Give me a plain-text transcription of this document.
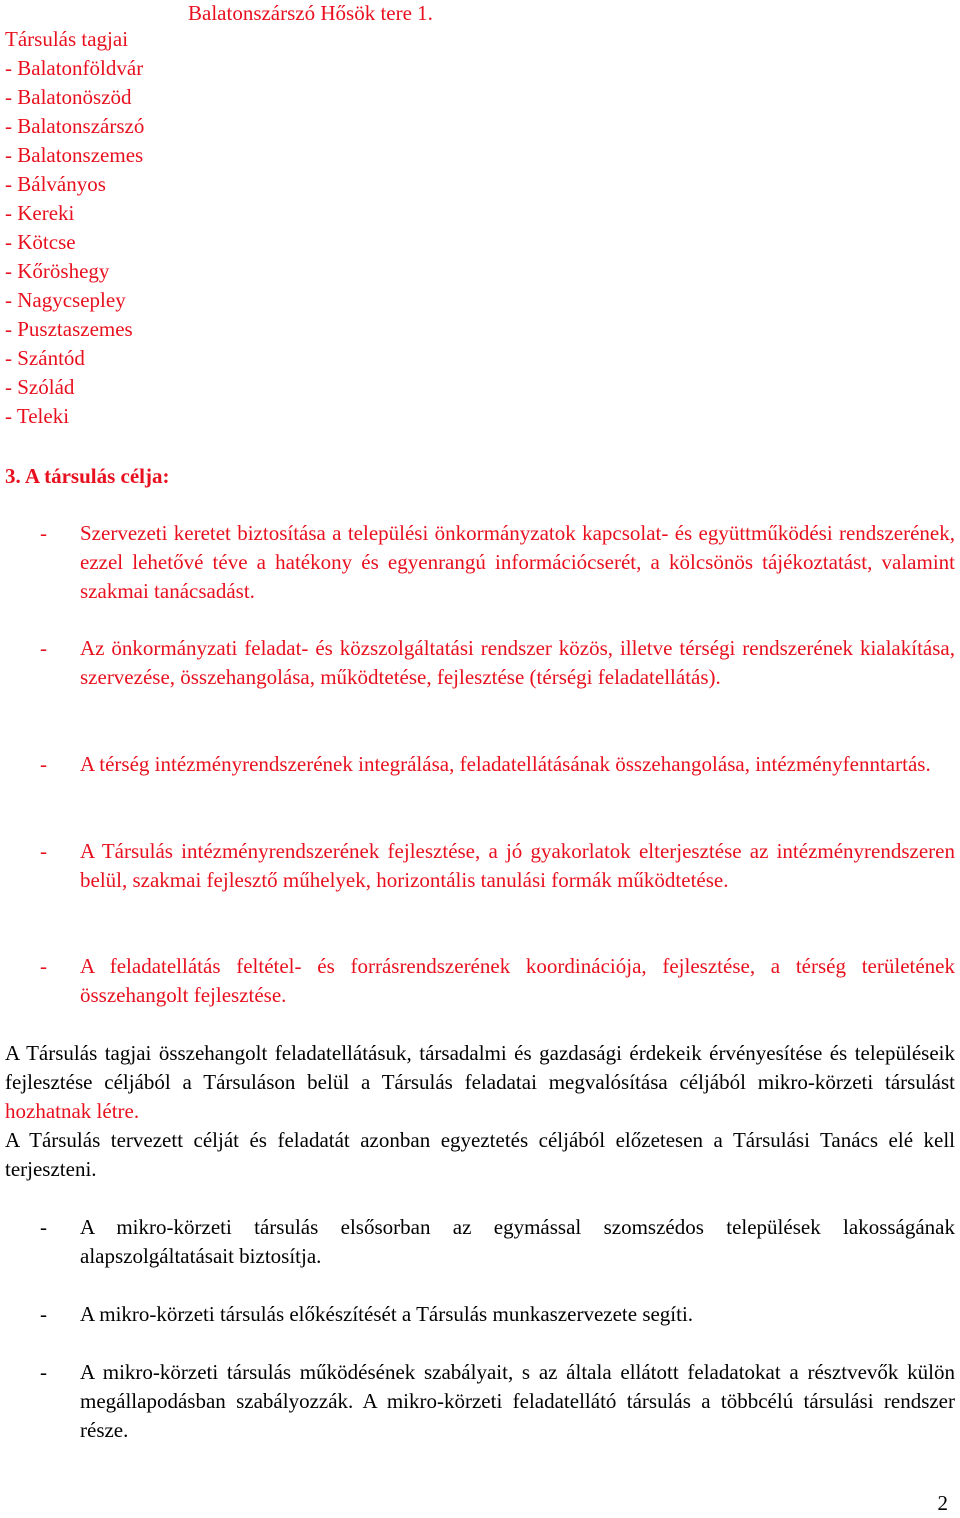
Balatonszárszó Hősök tere 1.
Társulás tagjai
- Balatonföldvár
- Balatonöszöd
- Balatonszárszó
- Balatonszemes
- Bálványos
- Kereki
- Kötcse
- Kőröshegy
- Nagycsepley
- Pusztaszemes
- Szántód
- Szólád
- Teleki
3. A társulás célja:
- Szervezeti keretet biztosítása a települési önkormányzatok kapcsolat- és együttműködési rendszerének, ezzel lehetővé téve a hatékony és egyenrangú információcserét, a kölcsönös tájékoztatást, valamint szakmai tanácsadást.
- Az önkormányzati feladat- és közszolgáltatási rendszer közös, illetve térségi rendszerének kialakítása, szervezése, összehangolása, működtetése, fejlesztése (térségi feladatellátás).
- A térség intézményrendszerének integrálása, feladatellátásának összehangolása, intézményfenntartás.
- A Társulás intézményrendszerének fejlesztése, a jó gyakorlatok elterjesztése az intézményrendszeren belül, szakmai fejlesztő műhelyek, horizontális tanulási formák működtetése.
- A feladatellátás feltétel- és forrásrendszerének koordinációja, fejlesztése, a térség területének összehangolt fejlesztése.
A Társulás tagjai összehangolt feladatellátásuk, társadalmi és gazdasági érdekeik érvényesítése és településeik fejlesztése céljából a Társuláson belül a Társulás feladatai megvalósítása céljából mikro-körzeti társulást hozhatnak létre.
A Társulás tervezett célját és feladatát azonban egyeztetés céljából előzetesen a Társulási Tanács elé kell terjeszteni.
- A mikro-körzeti társulás elsősorban az egymással szomszédos települések lakosságának alapszolgáltatásait biztosítja.
- A mikro-körzeti társulás előkészítését a Társulás munkaszervezete segíti.
- A mikro-körzeti társulás működésének szabályait, s az általa ellátott feladatokat a résztvevők külön megállapodásban szabályozzák. A mikro-körzeti feladatellátó társulás a többcélú társulási rendszer része.
2
